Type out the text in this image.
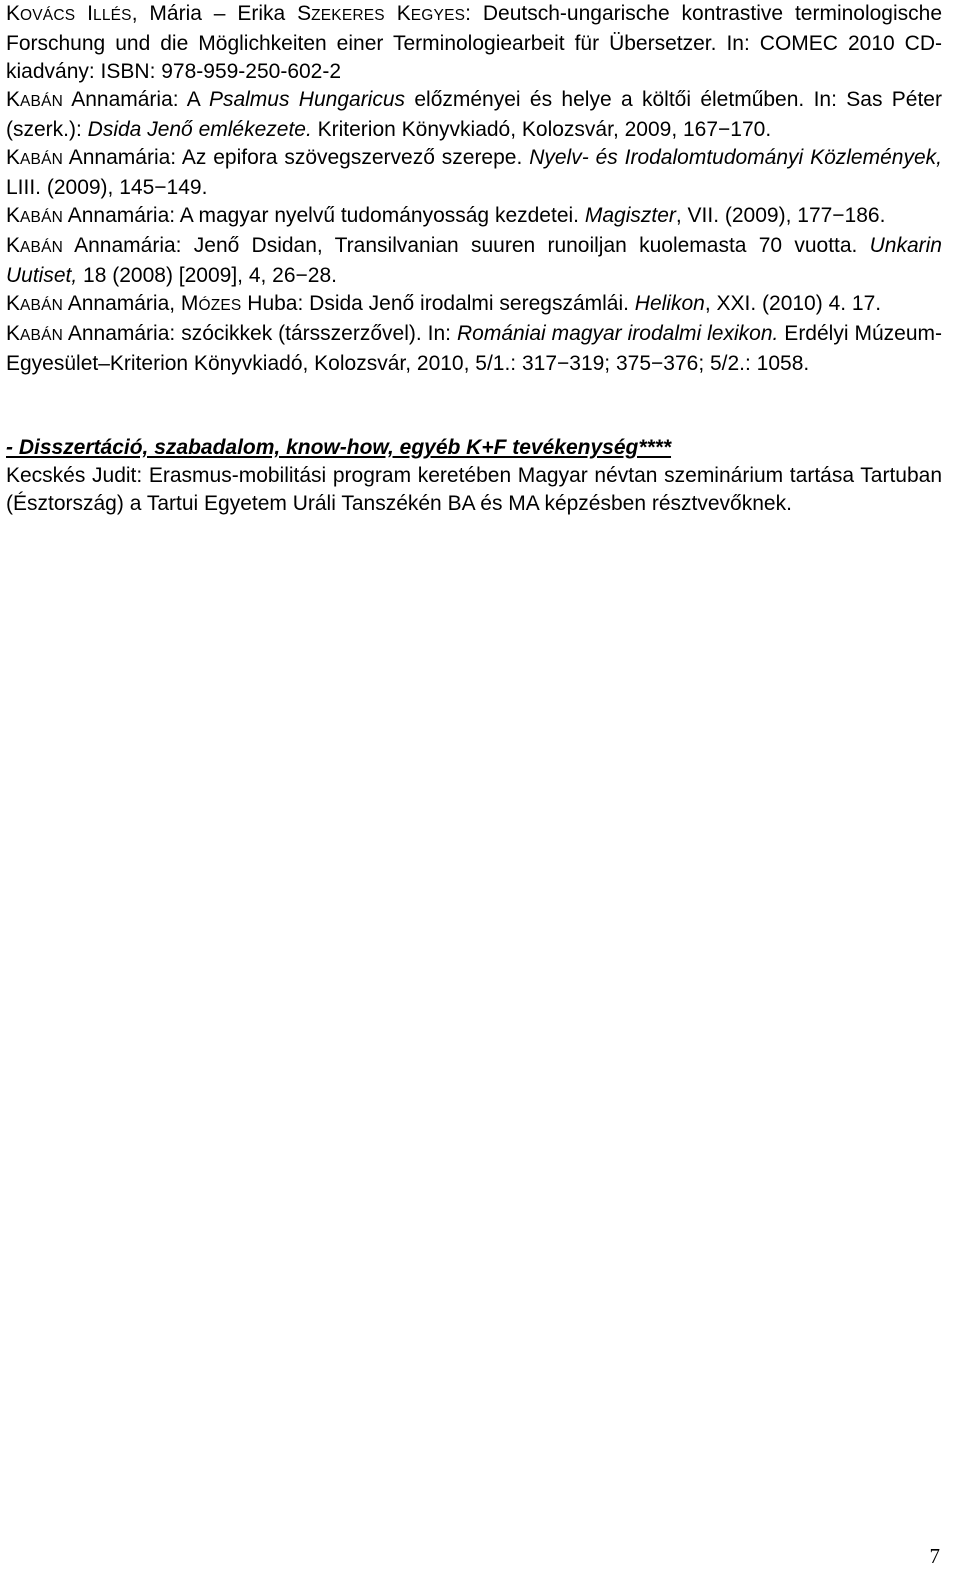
KOVÁCS ILLÉS, Mária – Erika SZEKERES KEGYES: Deutsch-ungarische kontrastive terminologische Forschung und die Möglichkeiten einer Terminologiearbeit für Übersetzer. In: COMEC 2010 CD-kiadvány: ISBN: 978-959-250-602-2

KABÁN Annamária: A Psalmus Hungaricus előzményei és helye a költői életműben. In: Sas Péter (szerk.): Dsida Jenő emlékezete. Kriterion Könyvkiadó, Kolozsvár, 2009, 167−170.

KABÁN Annamária: Az epifora szövegszervező szerepe. Nyelv- és Irodalomtudományi Közlemények, LIII. (2009), 145−149.

KABÁN Annamária: A magyar nyelvű tudományosság kezdetei. Magiszter, VII. (2009), 177−186.

KABÁN Annamária: Jenő Dsidan, Transilvanian suuren runoiljan kuolemasta 70 vuotta. Unkarin Uutiset, 18 (2008) [2009], 4, 26−28.

KABÁN Annamária, MÓZES Huba: Dsida Jenő irodalmi seregszámlái. Helikon, XXI. (2010) 4. 17.

KABÁN Annamária: szócikkek (társszerzővel). In: Romániai magyar irodalmi lexikon. Erdélyi Múzeum-Egyesület–Kriterion Könyvkiadó, Kolozsvár, 2010, 5/1.: 317−319; 375−376; 5/2.: 1058.

- Disszertáció, szabadalom, know-how, egyéb K+F tevékenység****

Kecskés Judit: Erasmus-mobilitási program keretében Magyar névtan szeminárium tartása Tartuban (Észtország) a Tartui Egyetem Uráli Tanszékén BA és MA képzésben résztvevőknek.

7
